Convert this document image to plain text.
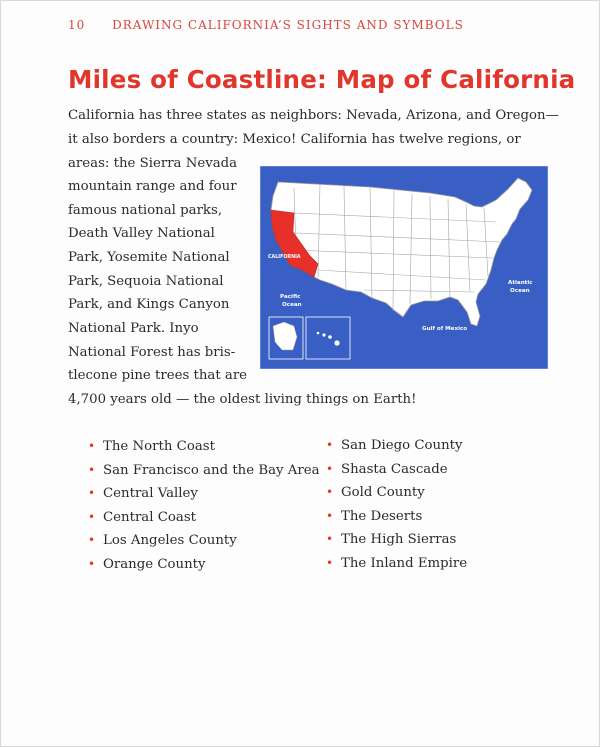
10 DRAWING CALIFORNIA’S SIGHTS AND SYMBOLS
Miles of Coastline: Map of California
California has three states as neighbors: Nevada, Arizona, and Oregon—
it also borders a country: Mexico! California has twelve regions, or
areas: the Sierra Nevada
mountain range and four
famous national parks,
Death Valley National
Park, Yosemite National
Park, Sequoia National
Park, and Kings Canyon
National Park. Inyo
National Forest has bris-
tlecone pine trees that are
4,700 years old — the oldest living things on Earth!
CALIFORNIA
Pacific Ocean
Atlantic Ocean
Gulf of Mexico
• The North Coast
• San Francisco and the Bay Area
• Central Valley
• Central Coast
• Los Angeles County
• Orange County
• San Diego County
• Shasta Cascade
• Gold County
• The Deserts
• The High Sierras
• The Inland Empire
